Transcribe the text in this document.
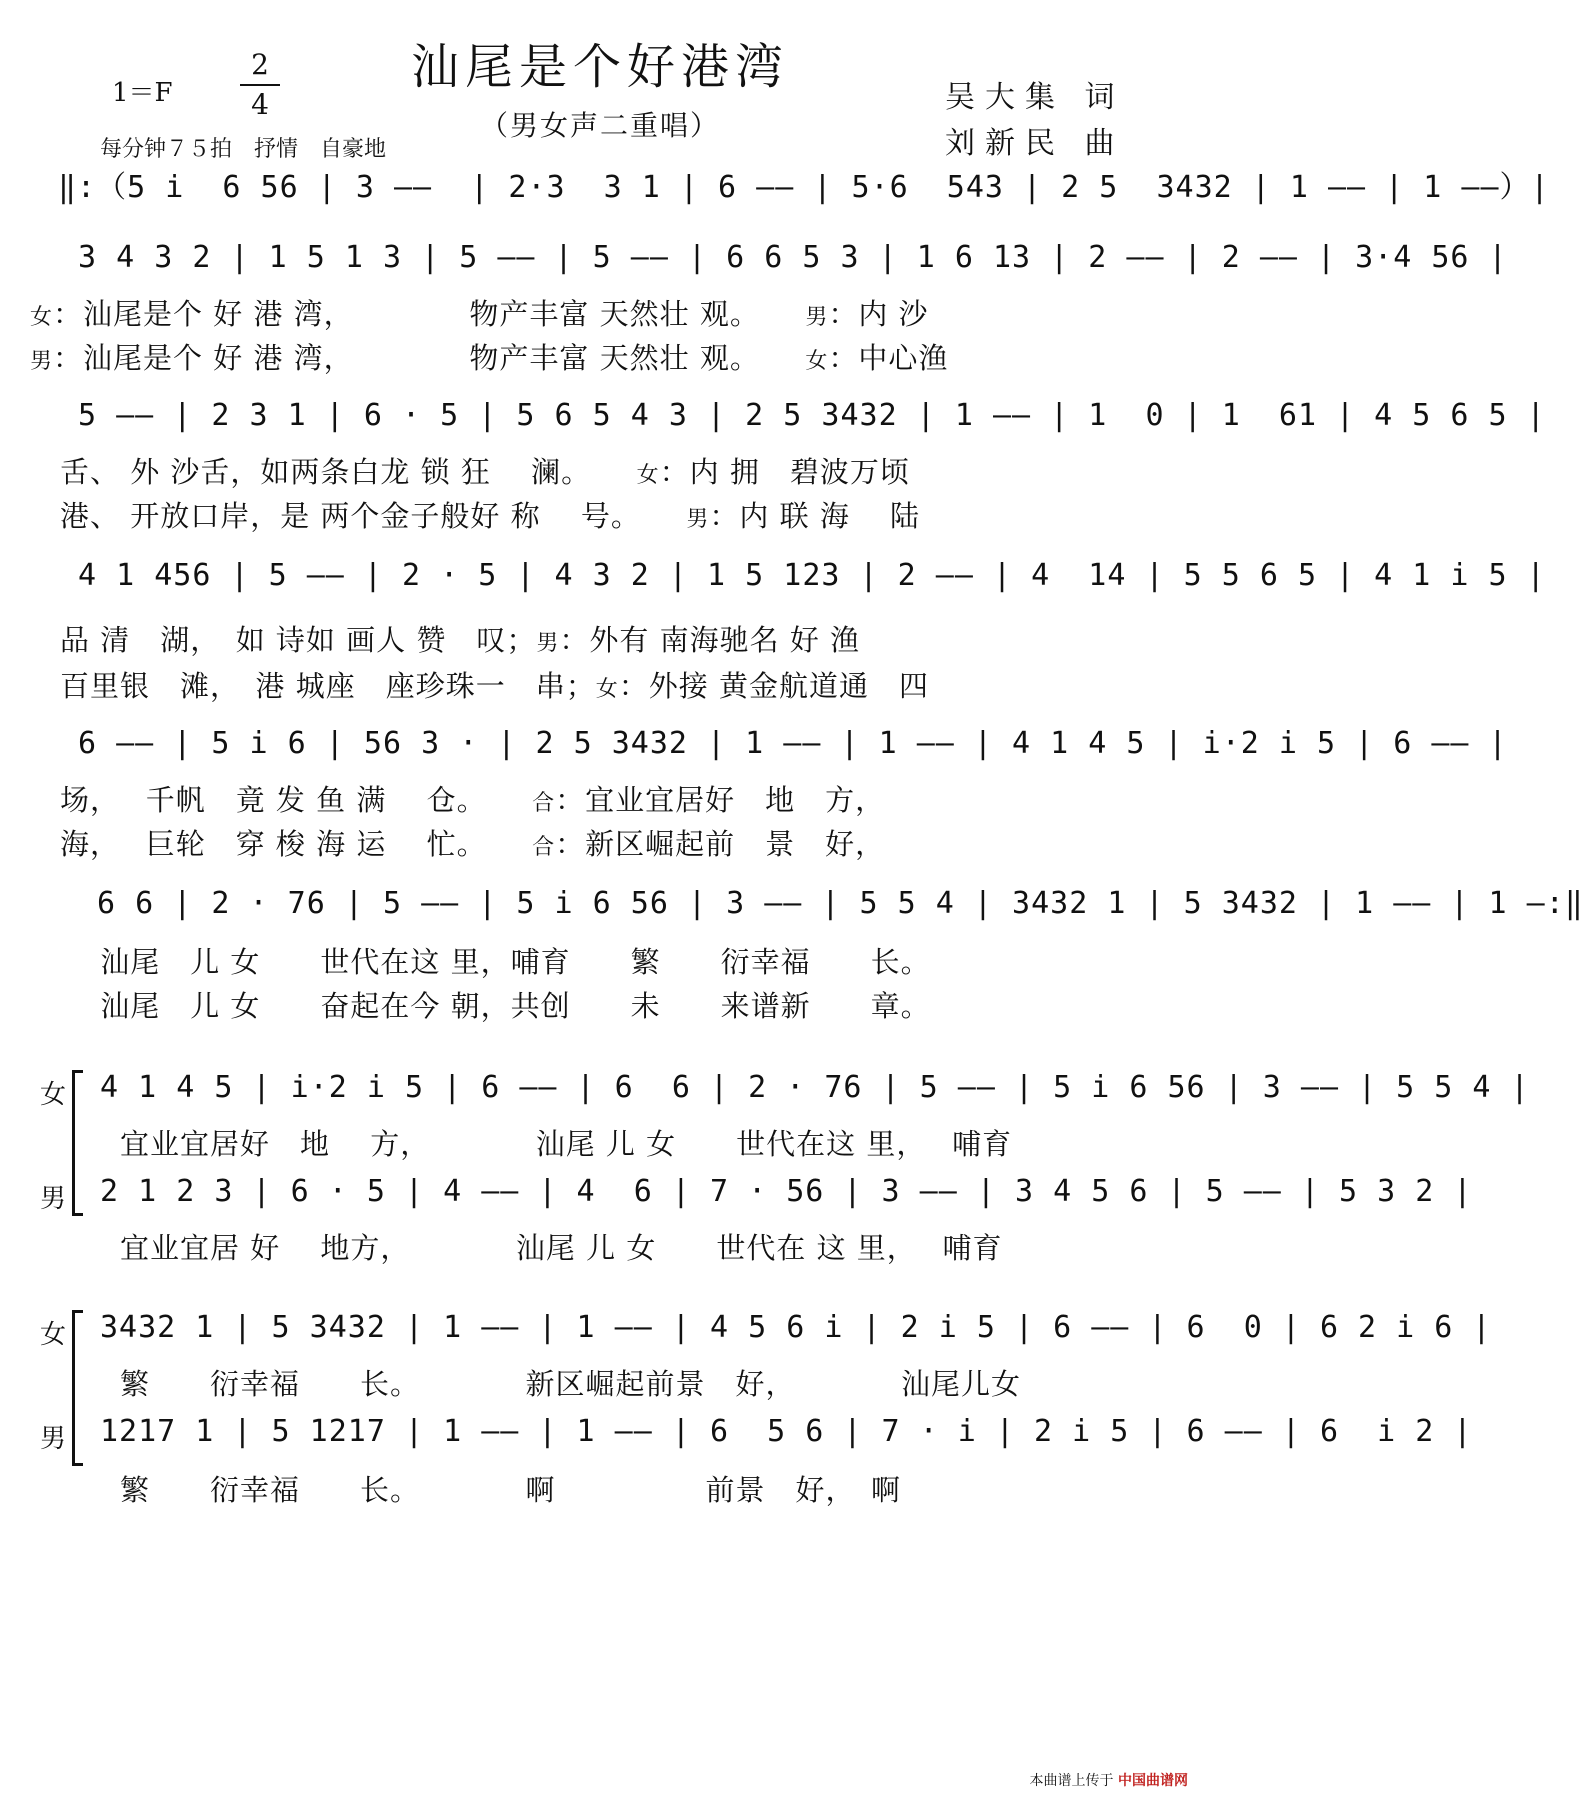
汕尾是个好港湾
（男女声二重唱）
1＝F
2
4
每分钟７５拍　抒情　自豪地
吴大集 词
刘新民 曲
‖:（5 i  6 56 | 3 ——  | 2·3  3 1 | 6 —— | 5·6  543 | 2 5  3432 | 1 —— | 1 ——）|
3 4 3 2 | 1 5 1 3 | 5 —— | 5 —— | 6 6 5 3 | 1 6 13 | 2 —— | 2 —— | 3·4 56 |
女：汕尾是个 好 港 湾，　　　　 物产丰富 天然壮 观。　　男：内 沙
男：汕尾是个 好 港 湾，　　　　 物产丰富 天然壮 观。　　女：中心渔
5 —— | 2 3 1 | 6 · 5 | 5 6 5 4 3 | 2 5 3432 | 1 —— | 1  0 | 1  61 | 4 5 6 5 |
　舌、 外 沙舌，如两条白龙 锁 狂　 澜。　　女：内 拥　碧波万顷
　港、 开放口岸，是 两个金子般好 称　 号。　　男：内 联 海　 陆
4 1 456 | 5 —— | 2 · 5 | 4 3 2 | 1 5 123 | 2 —— | 4  14 | 5 5 6 5 | 4 1 i 5 |
　品 清　湖，　如 诗如 画人 赞　叹；男：外有 南海驰名 好 渔
　百里银　滩，　港 城座　座珍珠一　串；女：外接 黄金航道通　四
6 —— | 5 i 6 | 56 3 · | 2 5 3432 | 1 —— | 1 —— | 4 1 4 5 | i·2 i 5 | 6 —— |
　场，　 千帆　竟 发 鱼 满　 仓。　　合：宜业宜居好　地　方，
　海，　 巨轮　穿 梭 海 运　 忙。　　合：新区崛起前　景　好，
6 6 | 2 · 76 | 5 —— | 5 i 6 56 | 3 —— | 5 5 4 | 3432 1 | 5 3432 | 1 —— | 1 —:‖
　　 汕尾　儿 女　　世代在这 里，哺育　　繁　　衍幸福　　长。
　　 汕尾　儿 女　　奋起在今 朝，共创　　未　　来谱新　　章。
女 4 1 4 5 | i·2 i 5 | 6 —— | 6  6 | 2 · 76 | 5 —— | 5 i 6 56 | 3 —— | 5 5 4 |
　　宜业宜居好　地　 方，　　　　汕尾 儿 女　　世代在这 里，　 哺育
男 2 1 2 3 | 6 · 5 | 4 —— | 4  6 | 7 · 56 | 3 —— | 3 4 5 6 | 5 —— | 5 3 2 |
　　宜业宜居 好　 地方，　　　　汕尾 儿 女　　世代在 这 里，　 哺育
女 3432 1 | 5 3432 | 1 —— | 1 —— | 4 5 6 i | 2 i 5 | 6 —— | 6  0 | 6 2 i 6 |
　　繁　　衍幸福　　长。　　　　新区崛起前景　好，　　　　汕尾儿女
男 1217 1 | 5 1217 | 1 —— | 1 —— | 6  5 6 | 7 · i | 2 i 5 | 6 —— | 6  i 2 |
　　繁　　衍幸福　　长。　　　　啊　　　　　前景　好，　啊
本曲谱上传于 中国曲谱网
